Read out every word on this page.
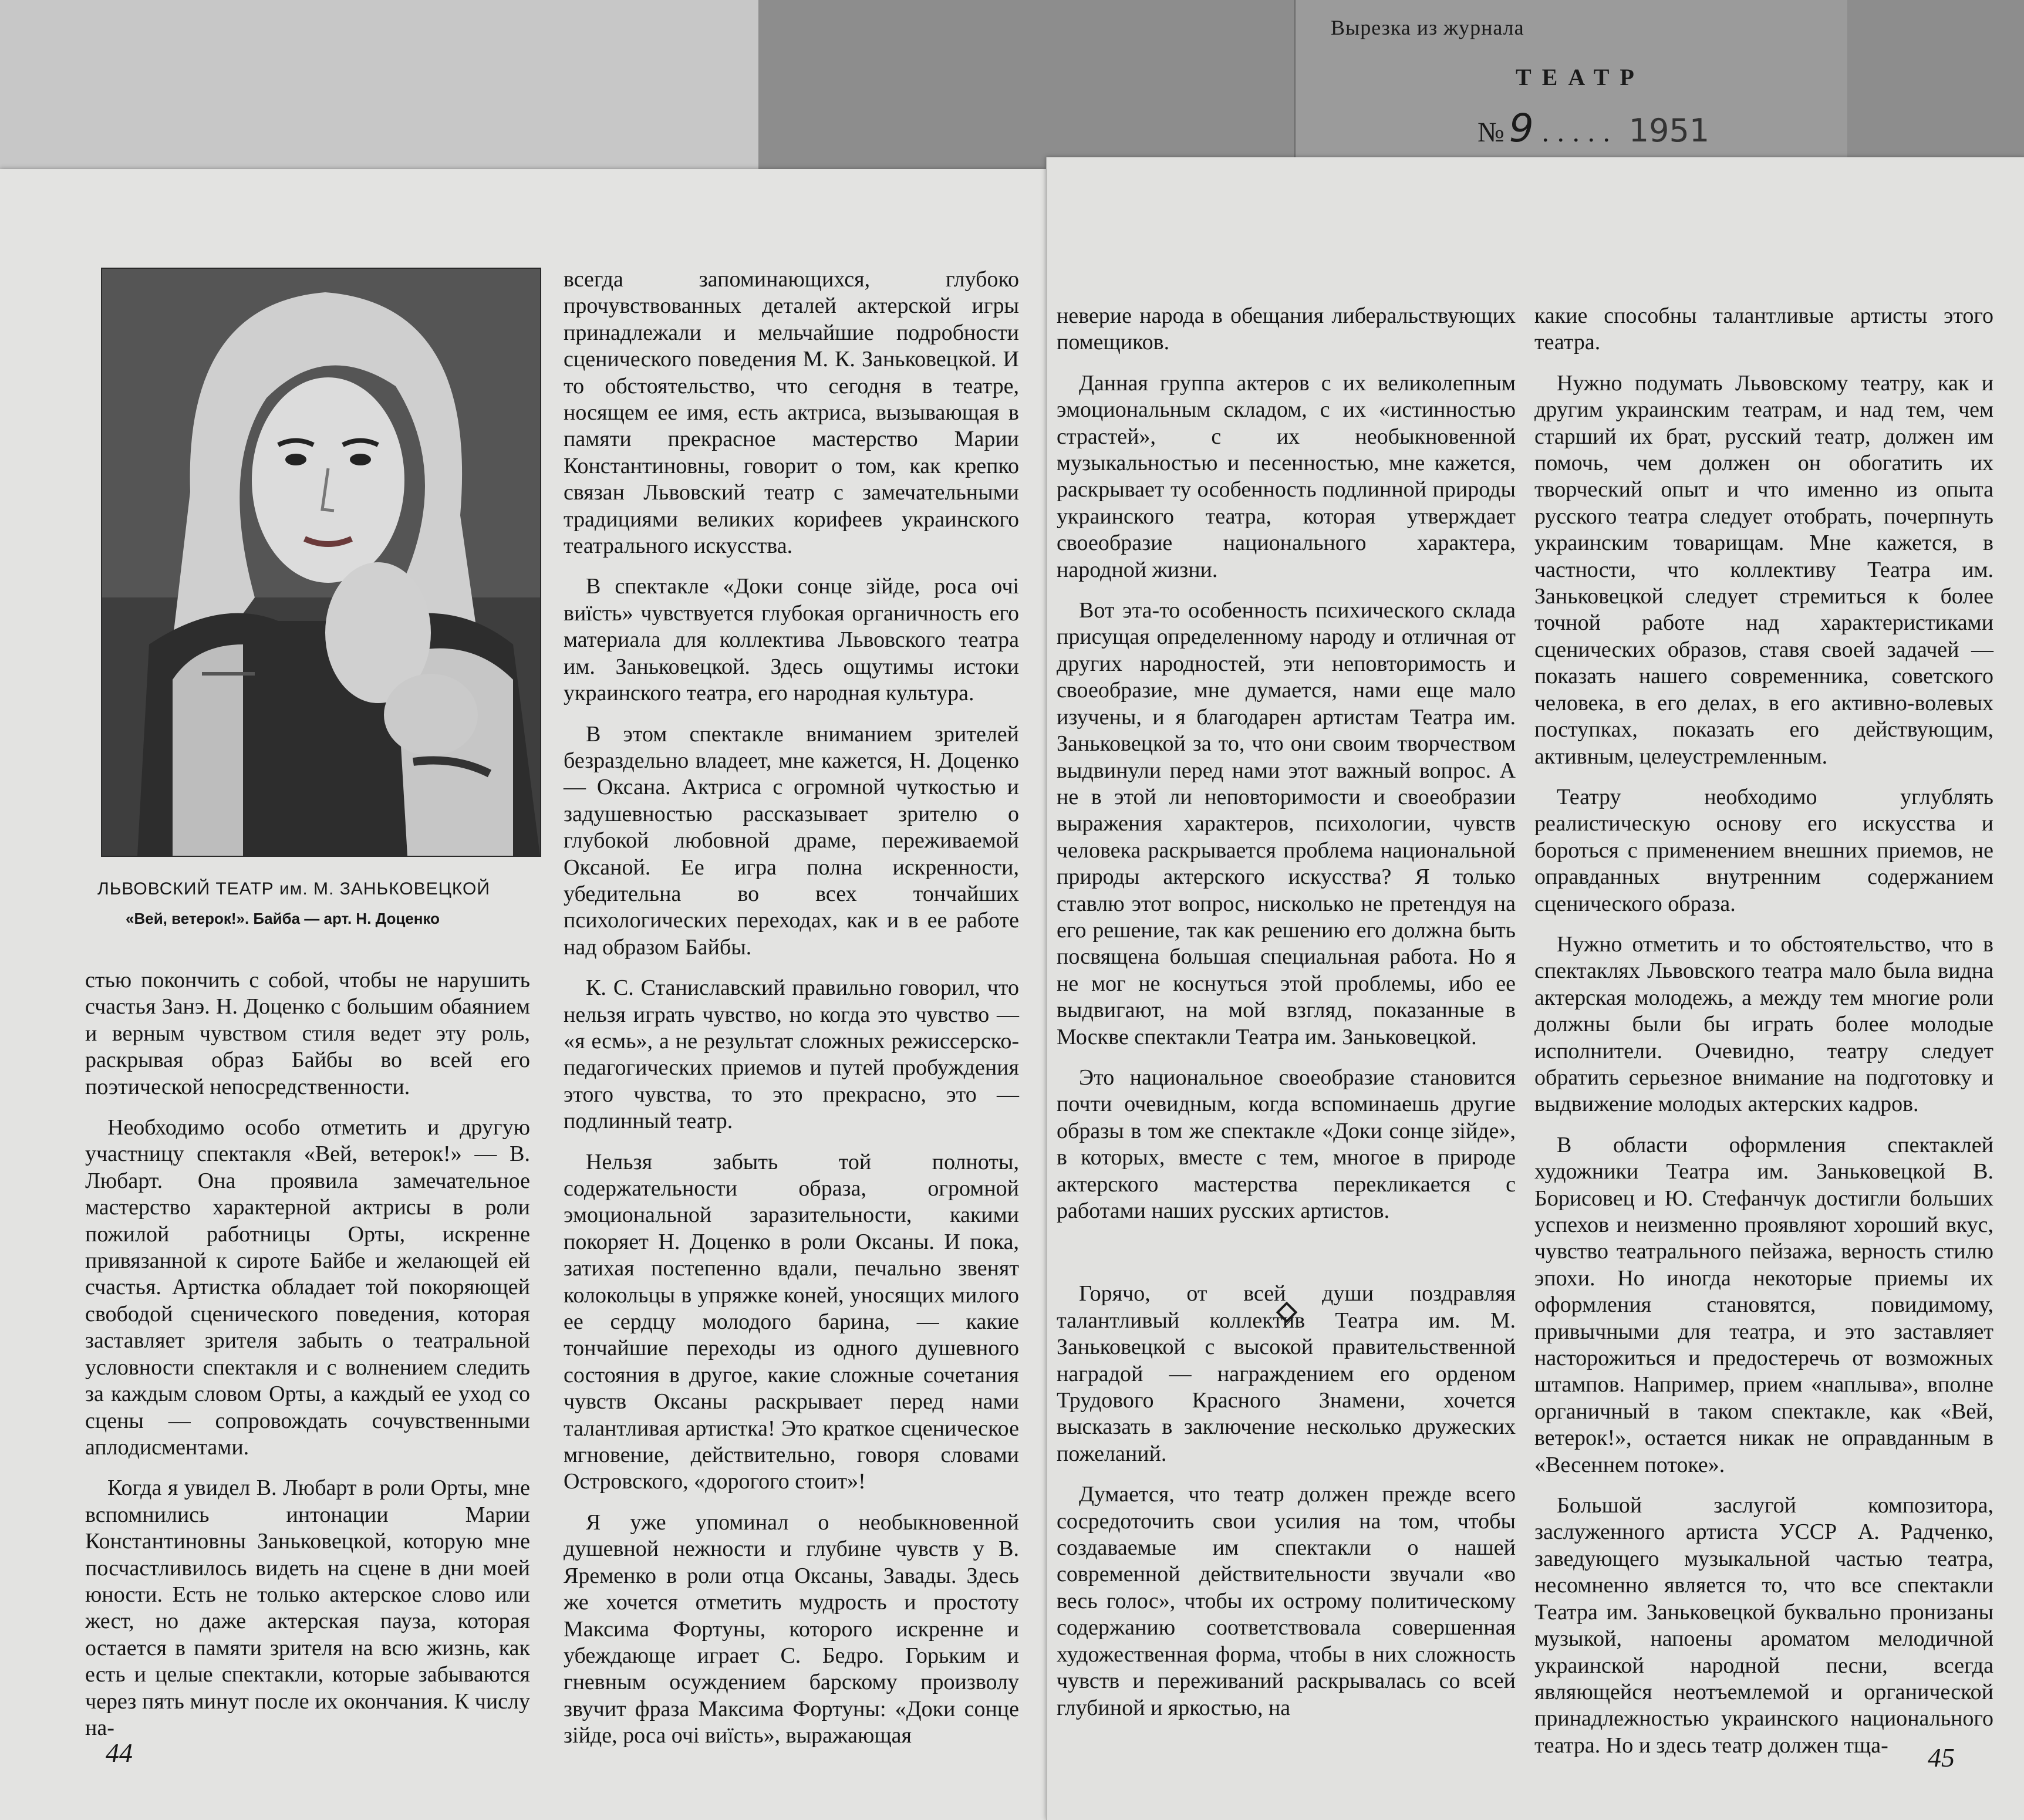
Вырезка из журнала
ТЕАТР
№ 9 ..... 1951
ЛЬВОВСКИЙ ТЕАТР им. М. ЗАНЬКОВЕЦКОЙ
«Вей, ветерок!». Байба — арт. Н. Доценко

стью покончить с собой, чтобы не нарушить счастья Занэ. Н. Доценко с большим обаянием и верным чувством стиля ведет эту роль, раскрывая образ Байбы во всей его поэтической непосредственности.

Необходимо особо отметить и другую участницу спектакля «Вей, ветерок!» — В. Любарт. Она проявила замечательное мастерство характерной актрисы в роли пожилой работницы Орты, искренне привязанной к сироте Байбе и желающей ей счастья. Артистка обладает той покоряющей свободой сценического поведения, которая заставляет зрителя забыть о театральной условности спектакля и с волнением следить за каждым словом Орты, а каждый ее уход со сцены — сопровождать сочувственными аплодисментами.

Когда я увидел В. Любарт в роли Орты, мне вспомнились интонации Марии Константиновны Заньковецкой, которую мне посчастливилось видеть на сцене в дни моей юности. Есть не только актерское слово или жест, но даже актерская пауза, которая остается в памяти зрителя на всю жизнь, как есть и целые спектакли, которые забываются через пять минут после их окончания. К числу на-

всегда запоминающихся, глубоко прочувствованных деталей актерской игры принадлежали и мельчайшие подробности сценического поведения М. К. Заньковецкой. И то обстоятельство, что сегодня в театре, носящем ее имя, есть актриса, вызывающая в памяти прекрасное мастерство Марии Константиновны, говорит о том, как крепко связан Львовский театр с замечательными традициями великих корифеев украинского театрального искусства.

В спектакле «Доки сонце зійде, роса очі виїсть» чувствуется глубокая органичность его материала для коллектива Львовского театра им. Заньковецкой. Здесь ощутимы истоки украинского театра, его народная культура.

В этом спектакле вниманием зрителей безраздельно владеет, мне кажется, Н. Доценко — Оксана. Актриса с огромной чуткостью и задушевностью рассказывает зрителю о глубокой любовной драме, переживаемой Оксаной. Ее игра полна искренности, убедительна во всех тончайших психологических переходах, как и в ее работе над образом Байбы.

К. С. Станиславский правильно говорил, что нельзя играть чувство, но когда это чувство — «я есмь», а не результат сложных режиссерско-педагогических приемов и путей пробуждения этого чувства, то это прекрасно, это — подлинный театр.

Нельзя забыть той полноты, содержательности образа, огромной эмоциональной заразительности, какими покоряет Н. Доценко в роли Оксаны. И пока, затихая постепенно вдали, печально звенят колокольцы в упряжке коней, уносящих милого ее сердцу молодого барина, — какие тончайшие переходы из одного душевного состояния в другое, какие сложные сочетания чувств Оксаны раскрывает перед нами талантливая артистка! Это краткое сценическое мгновение, действительно, говоря словами Островского, «дорогого стоит»!

Я уже упоминал о необыкновенной душевной нежности и глубине чувств у В. Яременко в роли отца Оксаны, Завады. Здесь же хочется отметить мудрость и простоту Максима Фортуны, которого искренне и убеждающе играет С. Бедро. Горьким и гневным осуждением барскому произволу звучит фраза Максима Фортуны: «Доки сонце зійде, роса очі виїсть», выражающая

44

неверие народа в обещания либеральствующих помещиков.

Данная группа актеров с их великолепным эмоциональным складом, с их «истинностью страстей», с их необыкновенной музыкальностью и песенностью, мне кажется, раскрывает ту особенность подлинной природы украинского театра, которая утверждает своеобразие национального характера, народной жизни.

Вот эта-то особенность психического склада присущая определенному народу и отличная от других народностей, эти неповторимость и своеобразие, мне думается, нами еще мало изучены, и я благодарен артистам Театра им. Заньковецкой за то, что они своим творчеством выдвинули перед нами этот важный вопрос. А не в этой ли неповторимости и своеобразии выражения характеров, психологии, чувств человека раскрывается проблема национальной природы актерского искусства? Я только ставлю этот вопрос, нисколько не претендуя на его решение, так как решению его должна быть посвящена большая специальная работа. Но я не мог не коснуться этой проблемы, ибо ее выдвигают, на мой взгляд, показанные в Москве спектакли Театра им. Заньковецкой.

Это национальное своеобразие становится почти очевидным, когда вспоминаешь другие образы в том же спектакле «Доки сонце зійде», в которых, вместе с тем, многое в природе актерского мастерства перекликается с работами наших русских артистов.

Горячо, от всей души поздравляя талантливый коллектив Театра им. М. Заньковецкой с высокой правительственной наградой — награждением его орденом Трудового Красного Знамени, хочется высказать в заключение несколько дружеских пожеланий.

Думается, что театр должен прежде всего сосредоточить свои усилия на том, чтобы создаваемые им спектакли о нашей современной действительности звучали «во весь голос», чтобы их острому политическому содержанию соответствовала совершенная художественная форма, чтобы в них сложность чувств и переживаний раскрывалась со всей глубиной и яркостью, на

какие способны талантливые артисты этого театра.

Нужно подумать Львовскому театру, как и другим украинским театрам, и над тем, чем старший их брат, русский театр, должен им помочь, чем должен он обогатить их творческий опыт и что именно из опыта русского театра следует отобрать, почерпнуть украинским товарищам. Мне кажется, в частности, что коллективу Театра им. Заньковецкой следует стремиться к более точной работе над характеристиками сценических образов, ставя своей задачей —показать нашего современника, советского человека, в его делах, в его активно-волевых поступках, показать его действующим, активным, целеустремленным.

Театру необходимо углублять реалистическую основу его искусства и бороться с применением внешних приемов, не оправданных внутренним содержанием сценического образа.

Нужно отметить и то обстоятельство, что в спектаклях Львовского театра мало была видна актерская молодежь, а между тем многие роли должны были бы играть более молодые исполнители. Очевидно, театру следует обратить серьезное внимание на подготовку и выдвижение молодых актерских кадров.

В области оформления спектаклей художники Театра им. Заньковецкой В. Борисовец и Ю. Стефанчук достигли больших успехов и неизменно проявляют хороший вкус, чувство театрального пейзажа, верность стилю эпохи. Но иногда некоторые приемы их оформления становятся, повидимому, привычными для театра, и это заставляет насторожиться и предостеречь от возможных штампов. Например, прием «наплыва», вполне органичный в таком спектакле, как «Вей, ветерок!», остается никак не оправданным в «Весеннем потоке».

Большой заслугой композитора, заслуженного артиста УССР А. Радченко, заведующего музыкальной частью театра, несомненно является то, что все спектакли Театра им. Заньковецкой буквально пронизаны музыкой, напоены ароматом мелодичной украинской народной песни, всегда являющейся неотъемлемой и органической принадлежностью украинского национального театра. Но и здесь театр должен тща-	45
